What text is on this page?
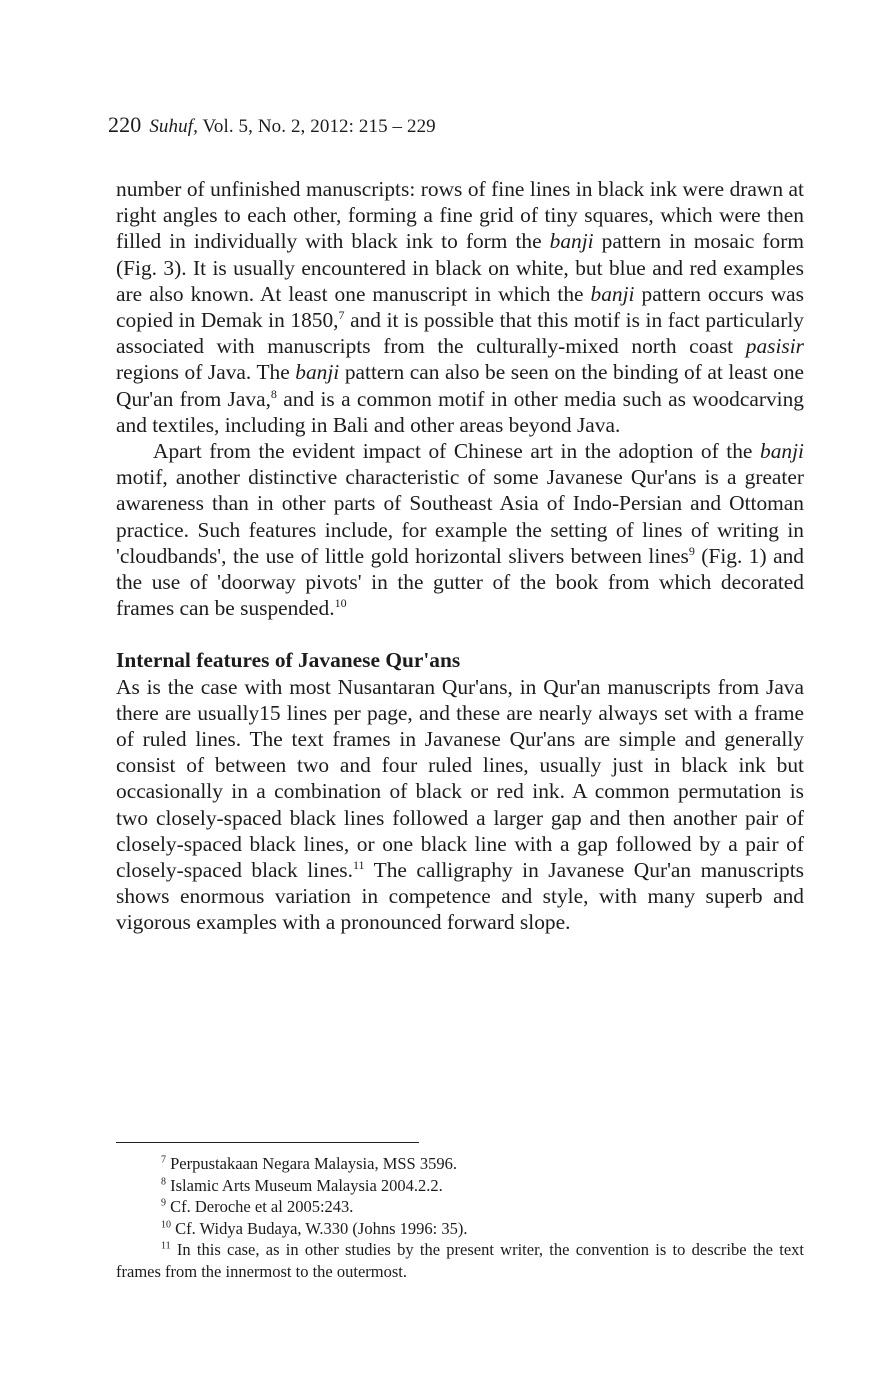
220 Suhuf, Vol. 5, No. 2, 2012: 215 – 229

number of unfinished manuscripts: rows of fine lines in black ink were drawn at right angles to each other, forming a fine grid of tiny squares, which were then filled in individually with black ink to form the banji pattern in mosaic form (Fig. 3). It is usually encountered in black on white, but blue and red examples are also known. At least one manuscript in which the banji pattern occurs was copied in Demak in 1850,$^7$ and it is possible that this motif is in fact particularly associated with manuscripts from the culturally-mixed north coast pasisir regions of Java. The banji pattern can also be seen on the binding of at least one Qur'an from Java,$^8$ and is a common motif in other media such as woodcarving and textiles, including in Bali and other areas beyond Java.

Apart from the evident impact of Chinese art in the adoption of the banji motif, another distinctive characteristic of some Javanese Qur'ans is a greater awareness than in other parts of Southeast Asia of Indo-Persian and Ottoman practice. Such features include, for example the setting of lines of writing in 'cloudbands', the use of little gold horizontal slivers between lines$^9$ (Fig. 1) and the use of 'doorway pivots' in the gutter of the book from which decorated frames can be suspended.$^{10}$

Internal features of Javanese Qur'ans

As is the case with most Nusantaran Qur'ans, in Qur'an manuscripts from Java there are usually15 lines per page, and these are nearly always set with a frame of ruled lines. The text frames in Javanese Qur'ans are simple and generally consist of between two and four ruled lines, usually just in black ink but occasionally in a combination of black or red ink. A common permutation is two closely-spaced black lines followed a larger gap and then another pair of closely-spaced black lines, or one black line with a gap followed by a pair of closely-spaced black lines.$^{11}$ The calligraphy in Javanese Qur'an manuscripts shows enormous variation in competence and style, with many superb and vigorous examples with a pronounced forward slope.

$^7$ Perpustakaan Negara Malaysia, MSS 3596.

$^8$ Islamic Arts Museum Malaysia 2004.2.2.

$^9$ Cf. Deroche et al 2005:243.

$^{10}$ Cf. Widya Budaya, W.330 (Johns 1996: 35).

$^{11}$ In this case, as in other studies by the present writer, the convention is to describe the text frames from the innermost to the outermost.
